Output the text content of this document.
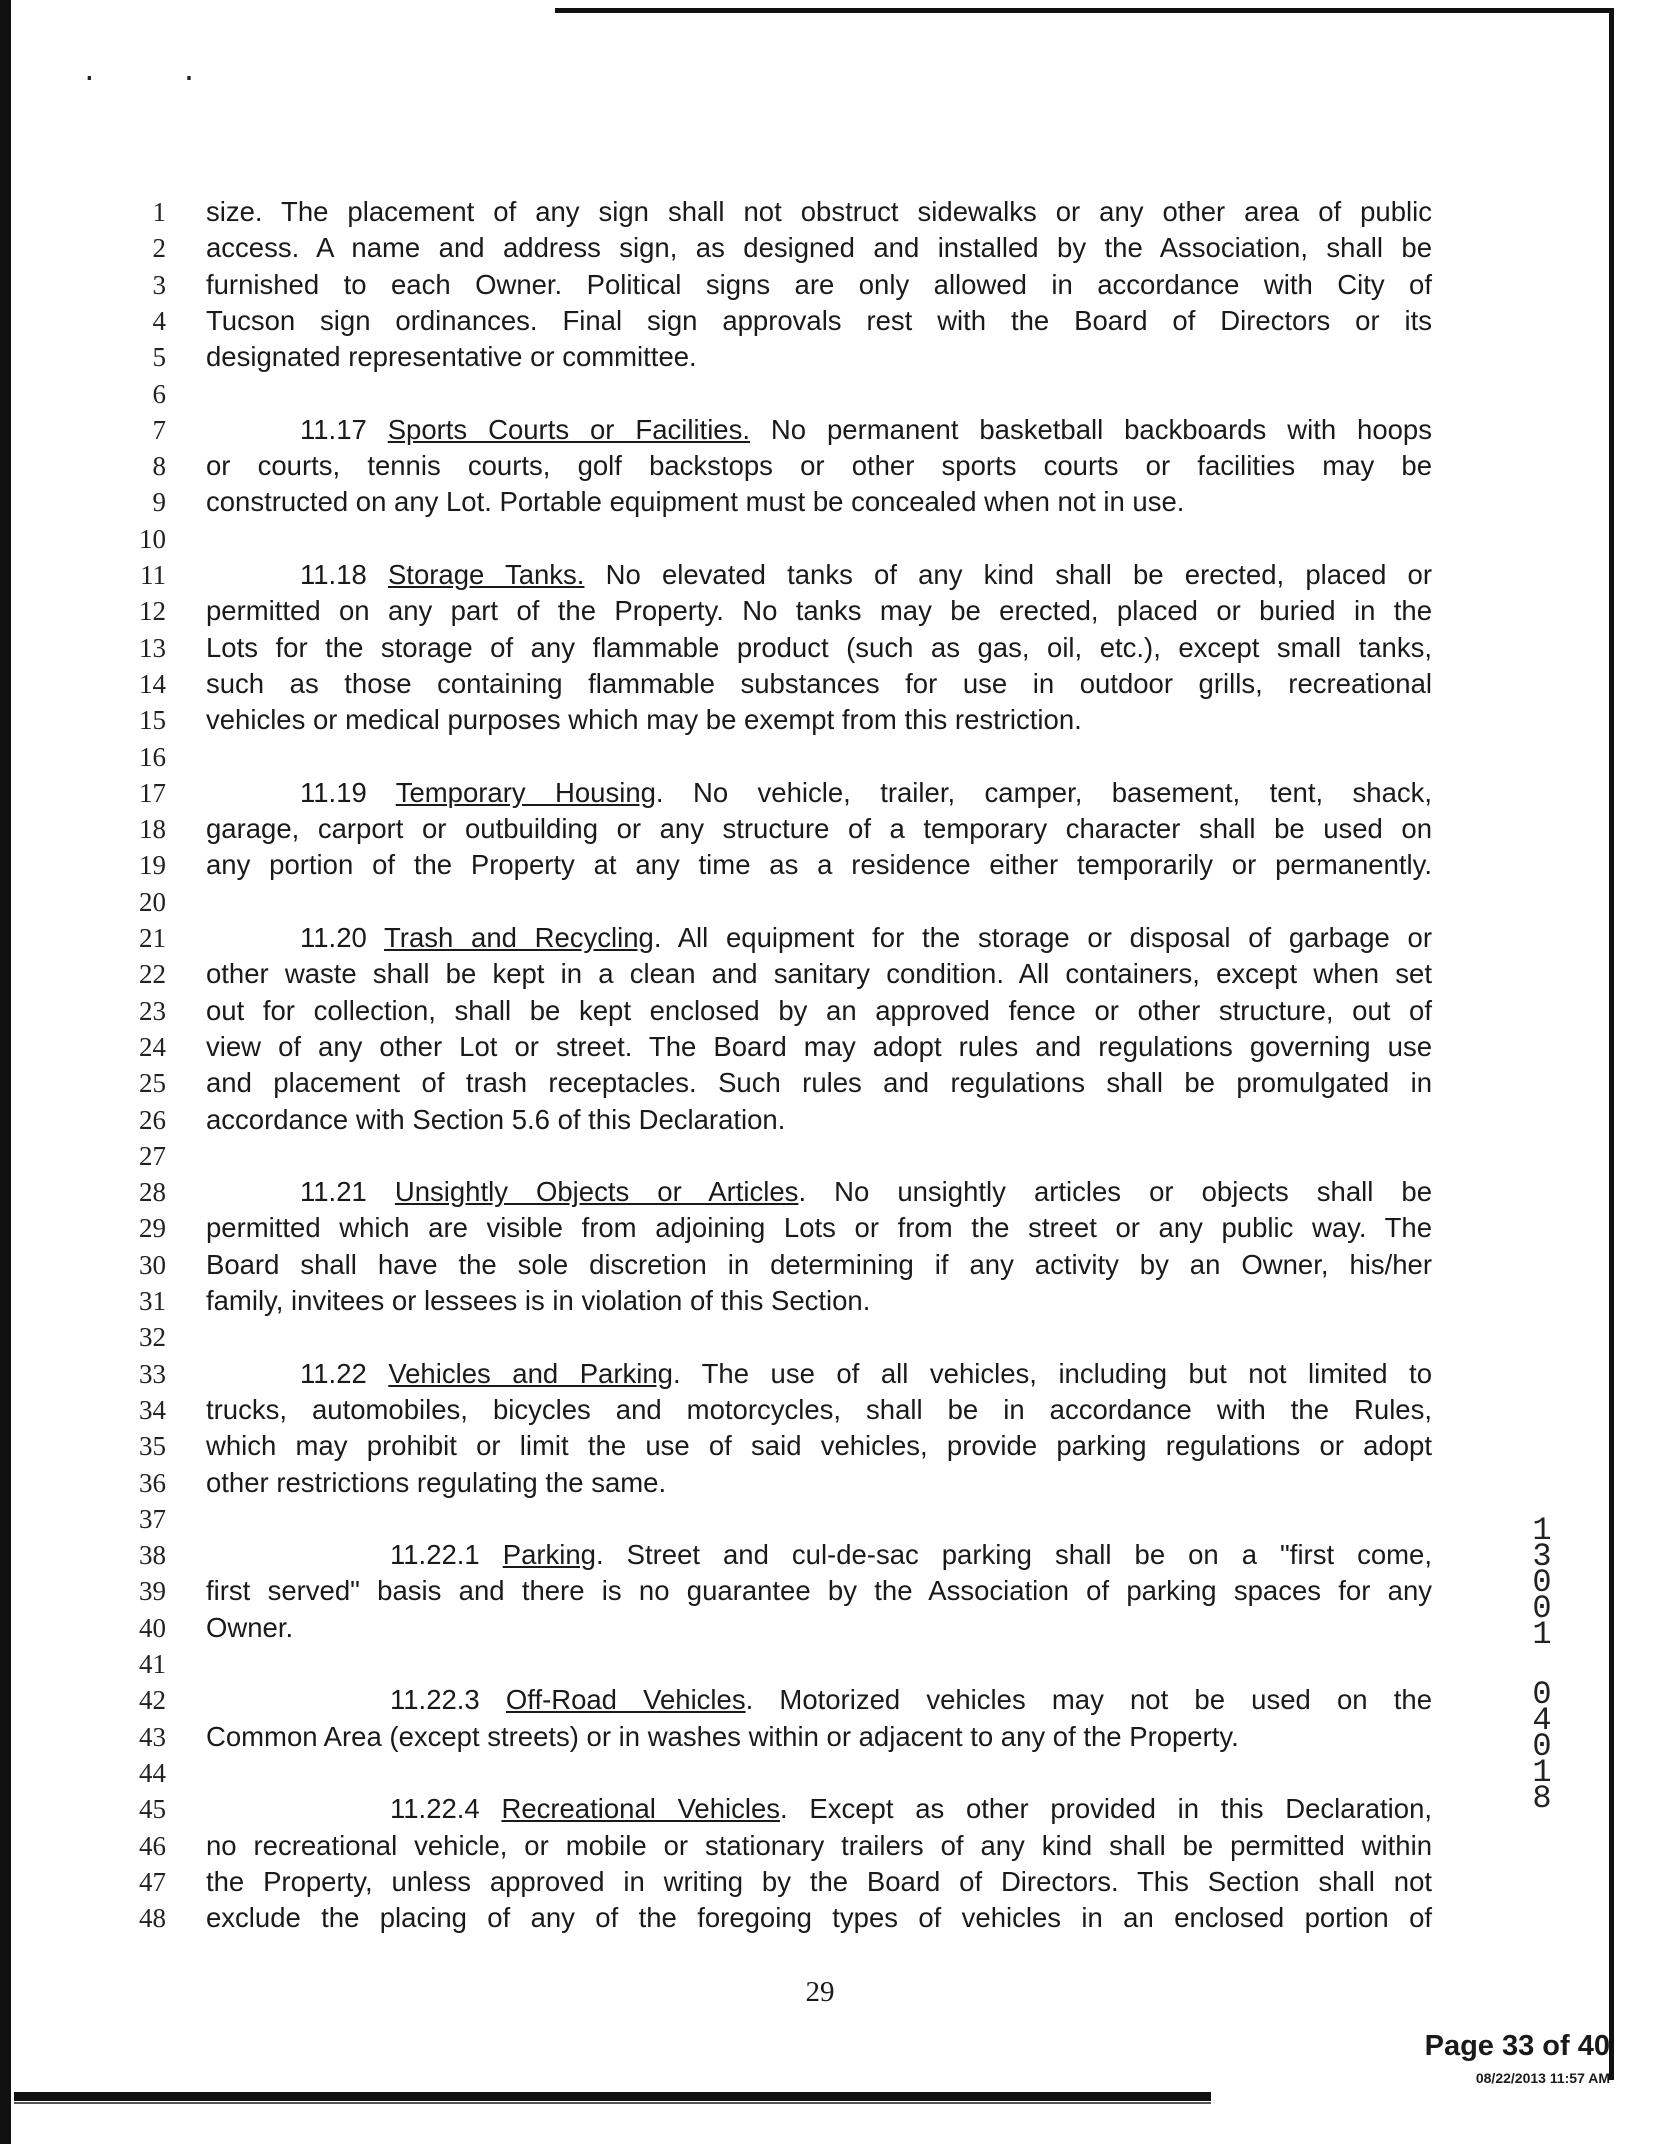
․ ․
1 size. The placement of any sign shall not obstruct sidewalks or any other area of public
2 access. A name and address sign, as designed and installed by the Association, shall be
3 furnished to each Owner. Political signs are only allowed in accordance with City of
4 Tucson sign ordinances. Final sign approvals rest with the Board of Directors or its
5 designated representative or committee.
6
7	11.17 Sports Courts or Facilities. No permanent basketball backboards with hoops
8 or courts, tennis courts, golf backstops or other sports courts or facilities may be
9 constructed on any Lot. Portable equipment must be concealed when not in use.
10
11	11.18 Storage Tanks. No elevated tanks of any kind shall be erected, placed or
12 permitted on any part of the Property. No tanks may be erected, placed or buried in the
13 Lots for the storage of any flammable product (such as gas, oil, etc.), except small tanks,
14 such as those containing flammable substances for use in outdoor grills, recreational
15 vehicles or medical purposes which may be exempt from this restriction.
16
17	11.19 Temporary Housing. No vehicle, trailer, camper, basement, tent, shack,
18 garage, carport or outbuilding or any structure of a temporary character shall be used on
19 any portion of the Property at any time as a residence either temporarily or permanently.
20
21	11.20 Trash and Recycling. All equipment for the storage or disposal of garbage or
22 other waste shall be kept in a clean and sanitary condition. All containers, except when set
23 out for collection, shall be kept enclosed by an approved fence or other structure, out of
24 view of any other Lot or street. The Board may adopt rules and regulations governing use
25 and placement of trash receptacles. Such rules and regulations shall be promulgated in
26 accordance with Section 5.6 of this Declaration.
27
28	11.21 Unsightly Objects or Articles. No unsightly articles or objects shall be
29 permitted which are visible from adjoining Lots or from the street or any public way. The
30 Board shall have the sole discretion in determining if any activity by an Owner, his/her
31 family, invitees or lessees is in violation of this Section.
32
33	11.22 Vehicles and Parking. The use of all vehicles, including but not limited to
34 trucks, automobiles, bicycles and motorcycles, shall be in accordance with the Rules,
35 which may prohibit or limit the use of said vehicles, provide parking regulations or adopt
36 other restrictions regulating the same.
37
38	11.22.1 Parking. Street and cul-de-sac parking shall be on a "first come,
39 first served" basis and there is no guarantee by the Association of parking spaces for any
40 Owner.
41
42	11.22.3 Off-Road Vehicles. Motorized vehicles may not be used on the
43 Common Area (except streets) or in washes within or adjacent to any of the Property.
44
45	11.22.4 Recreational Vehicles. Except as other provided in this Declaration,
46 no recreational vehicle, or mobile or stationary trailers of any kind shall be permitted within
47 the Property, unless approved in writing by the Board of Directors. This Section shall not
48 exclude the placing of any of the foregoing types of vehicles in an enclosed portion of
29
1
3
0
0
1
0
4
0
1
8
Page 33 of 40
08/22/2013 11:57 AM
